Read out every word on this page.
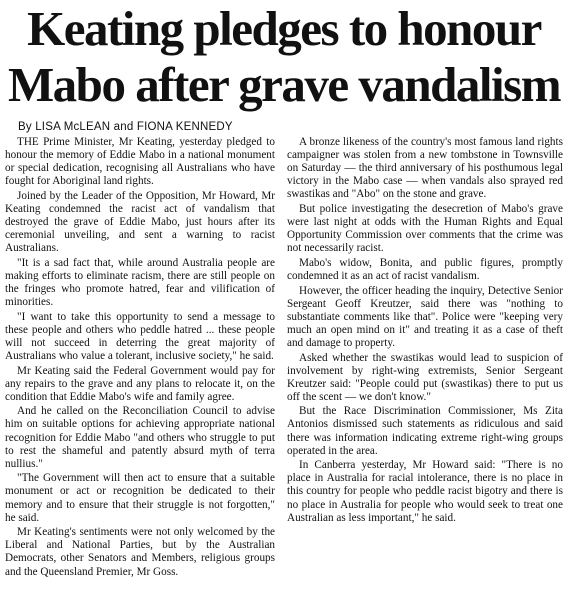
Keating pledges to honour
Mabo after grave vandalism

By LISA McLEAN and FIONA KENNEDY

THE Prime Minister, Mr Keating, yesterday pledged to honour the memory of Eddie Mabo in a national monument or special dedication, recognising all Australians who have fought for Aboriginal land rights.

Joined by the Leader of the Opposition, Mr Howard, Mr Keating condemned the racist act of vandalism that destroyed the grave of Eddie Mabo, just hours after its ceremonial unveiling, and sent a warning to racist Australians.

"It is a sad fact that, while around Australia people are making efforts to eliminate racism, there are still people on the fringes who promote hatred, fear and vilification of minorities.

"I want to take this opportunity to send a message to these people and others who peddle hatred ... these people will not succeed in deterring the great majority of Australians who value a tolerant, inclusive society," he said.

Mr Keating said the Federal Government would pay for any repairs to the grave and any plans to relocate it, on the condition that Eddie Mabo's wife and family agree.

And he called on the Reconciliation Council to advise him on suitable options for achieving appropriate national recognition for Eddie Mabo "and others who struggle to put to rest the shameful and patently absurd myth of terra nullius."

"The Government will then act to ensure that a suitable monument or act or recognition be dedicated to their memory and to ensure that their struggle is not forgotten," he said.

Mr Keating's sentiments were not only welcomed by the Liberal and National Parties, but by the Australian Democrats, other Senators and Members, religious groups and the Queensland Premier, Mr Goss.

A bronze likeness of the country's most famous land rights campaigner was stolen from a new tombstone in Townsville on Saturday — the third anniversary of his posthumous legal victory in the Mabo case — when vandals also sprayed red swastikas and "Abo" on the stone and grave.

But police investigating the desecretion of Mabo's grave were last night at odds with the Human Rights and Equal Opportunity Commission over comments that the crime was not necessarily racist.

Mabo's widow, Bonita, and public figures, promptly condemned it as an act of racist vandalism.

However, the officer heading the inquiry, Detective Senior Sergeant Geoff Kreutzer, said there was "nothing to substantiate comments like that". Police were "keeping very much an open mind on it" and treating it as a case of theft and damage to property.

Asked whether the swastikas would lead to suspicion of involvement by right-wing extremists, Senior Sergeant Kreutzer said: "People could put (swastikas) there to put us off the scent — we don't know."

But the Race Discrimination Commissioner, Ms Zita Antonios dismissed such statements as ridiculous and said there was information indicating extreme right-wing groups operated in the area.

In Canberra yesterday, Mr Howard said: "There is no place in Australia for racial intolerance, there is no place in this country for people who peddle racist bigotry and there is no place in Australia for people who would seek to treat one Australian as less important," he said.
